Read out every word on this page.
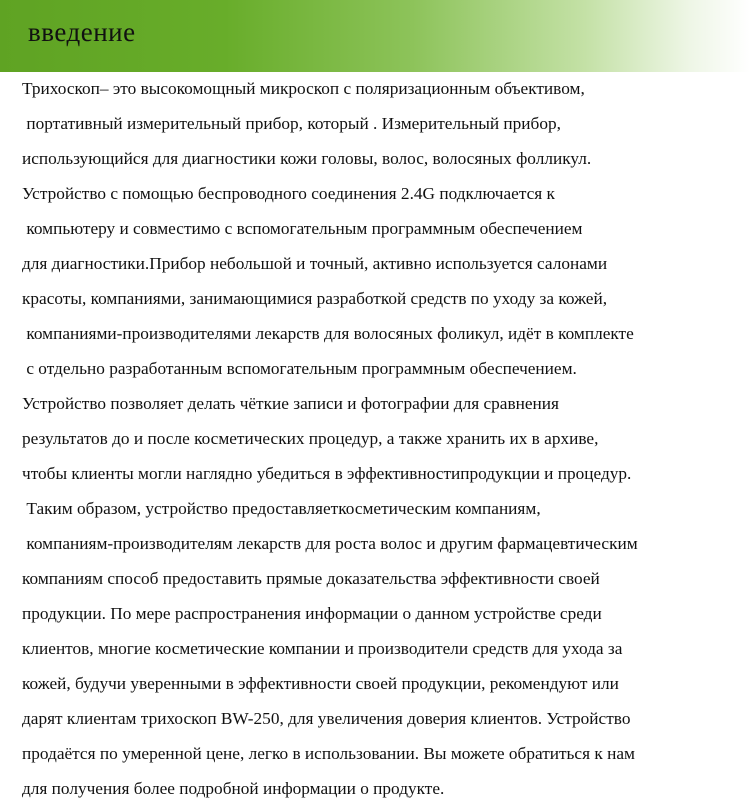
введение
Трихоскоп– это высокомощный микроскоп с поляризационным объективом,
портативный измерительный прибор, который . Измерительный прибор,
использующийся для диагностики кожи головы, волос, волосяных фолликул.
Устройство с помощью беспроводного соединения 2.4G подключается к
компьютеру и совместимо с вспомогательным программным обеспечением
для диагностики.Прибор небольшой и точный, активно используется салонами
красоты, компаниями, занимающимися разработкой средств по уходу за кожей,
компаниями-производителями лекарств для волосяных фоликул, идёт в комплекте
с отдельно разработанным вспомогательным программным обеспечением.
Устройство позволяет делать чёткие записи и фотографии для сравнения
результатов до и после косметических процедур, а также хранить их в архиве,
чтобы клиенты могли наглядно убедиться в эффективностипродукции и процедур.
Таким образом, устройство предоставляеткосметическим компаниям,
компаниям-производителям лекарств для роста волос и другим фармацевтическим
компаниям способ предоставить прямые доказательства эффективности своей
продукции. По мере распространения информации о данном устройстве среди
клиентов, многие косметические компании и производители средств для ухода за
кожей, будучи уверенными в эффективности своей продукции, рекомендуют или
дарят клиентам трихоскоп BW-250, для увеличения доверия клиентов. Устройство
продаётся по умеренной цене, легко в использовании. Вы можете обратиться к нам
для получения более подробной информации о продукте.
